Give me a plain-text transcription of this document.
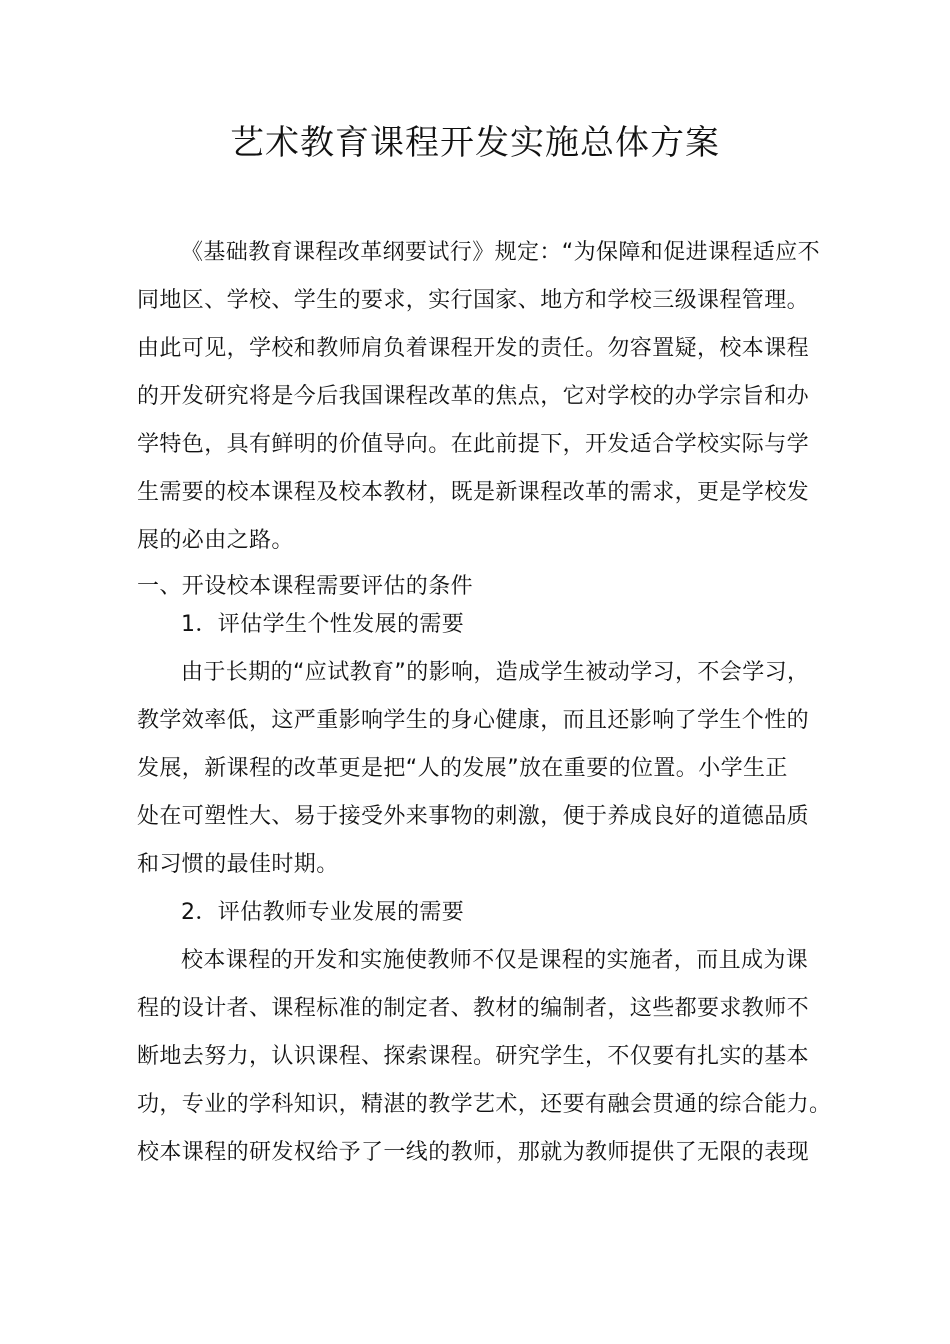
艺术教育课程开发实施总体方案
《基础教育课程改革纲要试行》规定：“为保障和促进课程适应不
同地区、学校、学生的要求，实行国家、地方和学校三级课程管理。
由此可见，学校和教师肩负着课程开发的责任。勿容置疑，校本课程
的开发研究将是今后我国课程改革的焦点，它对学校的办学宗旨和办
学特色，具有鲜明的价值导向。在此前提下，开发适合学校实际与学
生需要的校本课程及校本教材，既是新课程改革的需求，更是学校发
展的必由之路。
一、开设校本课程需要评估的条件
1．评估学生个性发展的需要
由于长期的“应试教育”的影响，造成学生被动学习，不会学习，
教学效率低，这严重影响学生的身心健康，而且还影响了学生个性的
发展，新课程的改革更是把“人的发展”放在重要的位置。小学生正
处在可塑性大、易于接受外来事物的刺激，便于养成良好的道德品质
和习惯的最佳时期。
2．评估教师专业发展的需要
校本课程的开发和实施使教师不仅是课程的实施者，而且成为课
程的设计者、课程标准的制定者、教材的编制者，这些都要求教师不
断地去努力，认识课程、探索课程。研究学生，不仅要有扎实的基本
功，专业的学科知识，精湛的教学艺术，还要有融会贯通的综合能力。
校本课程的研发权给予了一线的教师，那就为教师提供了无限的表现
